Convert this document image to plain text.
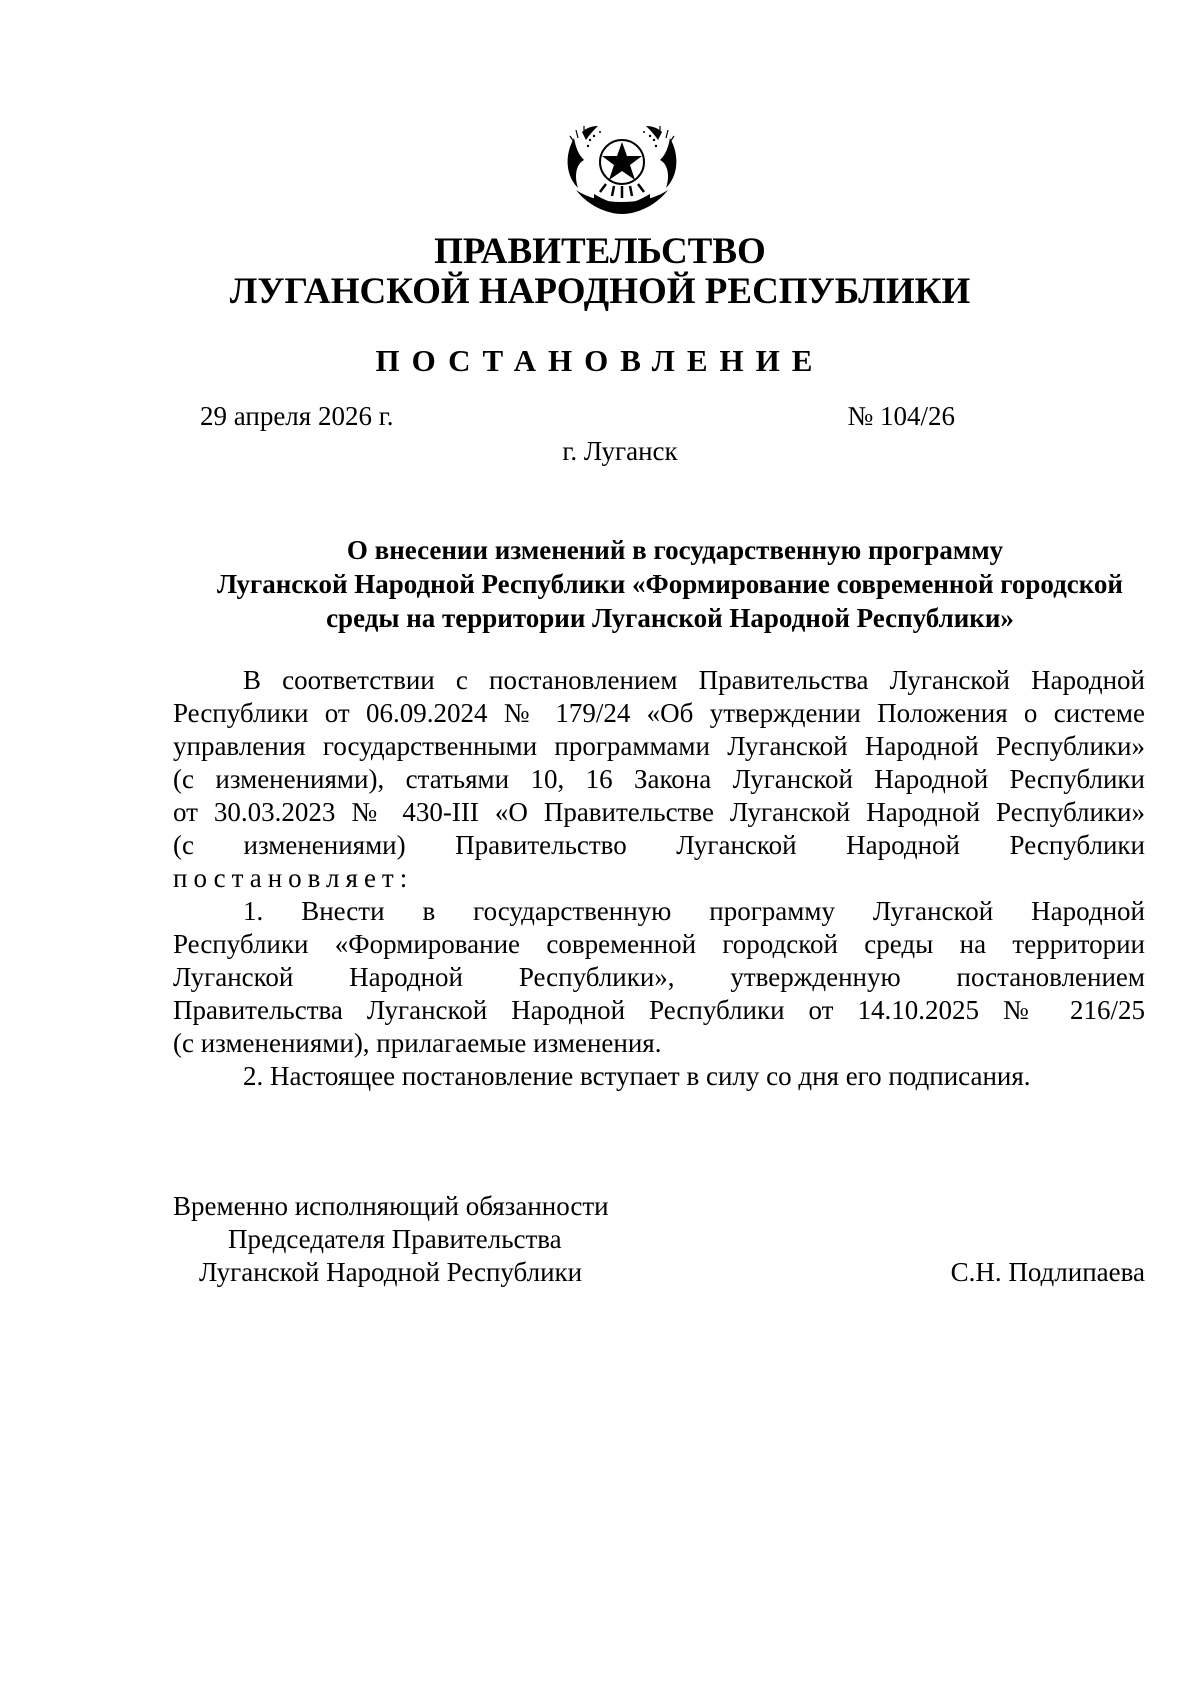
ПРАВИТЕЛЬСТВО
ЛУГАНСКОЙ НАРОДНОЙ РЕСПУБЛИКИ
ПОСТАНОВЛЕНИЕ
29 апреля 2026 г.	№ 104/26
г. Луганск
О внесении изменений в государственную программу
Луганской Народной Республики «Формирование современной городской
среды на территории Луганской Народной Республики»
В соответствии с постановлением Правительства Луганской Народной
Республики от 06.09.2024 № 179/24 «Об утверждении Положения о системе
управления государственными программами Луганской Народной Республики»
(с изменениями), статьями 10, 16 Закона Луганской Народной Республики
от 30.03.2023 № 430-III «О Правительстве Луганской Народной Республики»
(с изменениями) Правительство Луганской Народной Республики
постановляет:
1. Внести в государственную программу Луганской Народной
Республики «Формирование современной городской среды на территории
Луганской Народной Республики», утвержденную постановлением
Правительства Луганской Народной Республики от 14.10.2025 № 216/25
(с изменениями), прилагаемые изменения.
2. Настоящее постановление вступает в силу со дня его подписания.
Временно исполняющий обязанности
Председателя Правительства
Луганской Народной Республики	С.Н. Подлипаева
